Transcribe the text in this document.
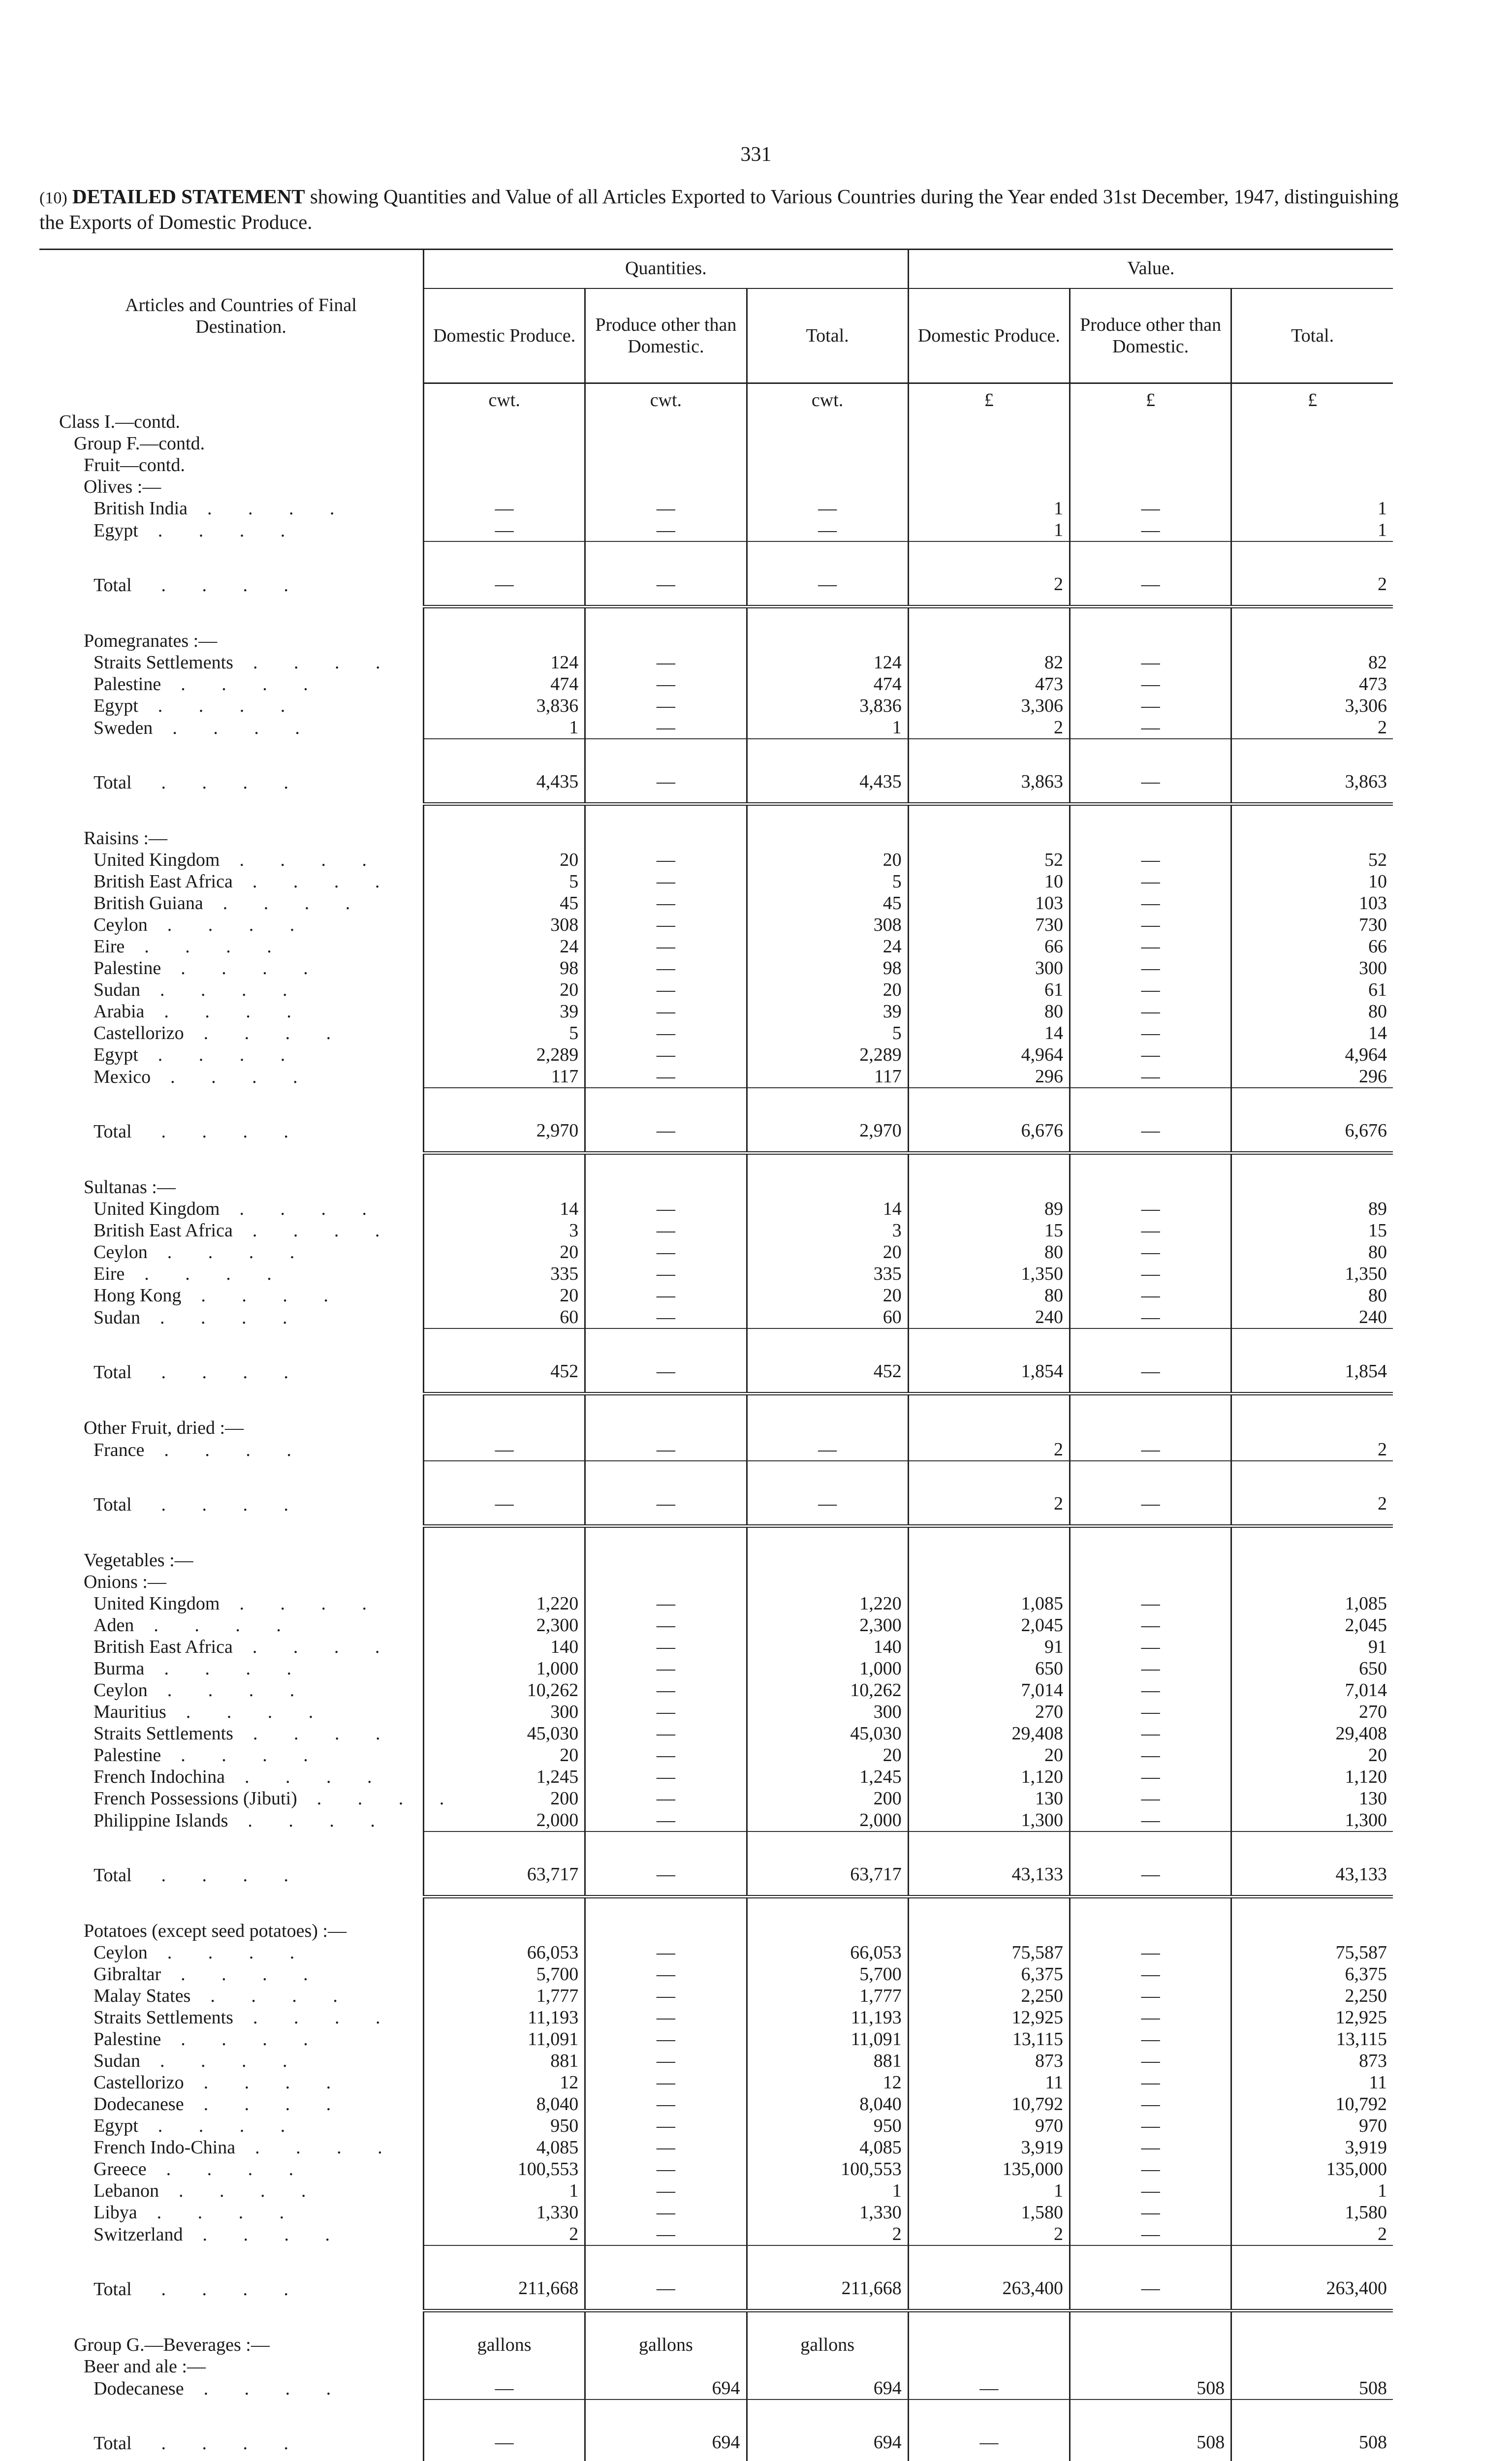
331
(10) DETAILED STATEMENT showing Quantities and Value of all Articles Exported to Various Countries during the Year ended 31st December, 1947, distinguishing the Exports of Domestic Produce.
Articles and Countries of Final Destination.	Quantities.			Value.		
	Domestic Produce.	Produce other than Domestic.	Total.	Domestic Produce.	Produce other than Domestic.	Total.
	cwt.	cwt.	cwt.	£	£	£
Class I.—contd.						
Group F.—contd.						
Fruit—contd.						
Olives :—						
British India . . . .	—	—	—	1	—	1
Egypt . . . .	—	—	—	1	—	1

Total . . . .	—	—	—	2	—	2

Pomegranates :—						
Straits Settlements . . . .	124	—	124	82	—	82
Palestine . . . .	474	—	474	473	—	473
Egypt . . . .	3,836	—	3,836	3,306	—	3,306
Sweden . . . .	1	—	1	2	—	2

Total . . . .	4,435	—	4,435	3,863	—	3,863

Raisins :—						
United Kingdom . . . .	20	—	20	52	—	52
British East Africa . . . .	5	—	5	10	—	10
British Guiana . . . .	45	—	45	103	—	103
Ceylon . . . .	308	—	308	730	—	730
Eire . . . .	24	—	24	66	—	66
Palestine . . . .	98	—	98	300	—	300
Sudan . . . .	20	—	20	61	—	61
Arabia . . . .	39	—	39	80	—	80
Castellorizo . . . .	5	—	5	14	—	14
Egypt . . . .	2,289	—	2,289	4,964	—	4,964
Mexico . . . .	117	—	117	296	—	296

Total . . . .	2,970	—	2,970	6,676	—	6,676

Sultanas :—						
United Kingdom . . . .	14	—	14	89	—	89
British East Africa . . . .	3	—	3	15	—	15
Ceylon . . . .	20	—	20	80	—	80
Eire . . . .	335	—	335	1,350	—	1,350
Hong Kong . . . .	20	—	20	80	—	80
Sudan . . . .	60	—	60	240	—	240

Total . . . .	452	—	452	1,854	—	1,854

Other Fruit, dried :—						
France . . . .	—	—	—	2	—	2

Total . . . .	—	—	—	2	—	2

Vegetables :—						
Onions :—						
United Kingdom . . . .	1,220	—	1,220	1,085	—	1,085
Aden . . . .	2,300	—	2,300	2,045	—	2,045
British East Africa . . . .	140	—	140	91	—	91
Burma . . . .	1,000	—	1,000	650	—	650
Ceylon . . . .	10,262	—	10,262	7,014	—	7,014
Mauritius . . . .	300	—	300	270	—	270
Straits Settlements . . . .	45,030	—	45,030	29,408	—	29,408
Palestine . . . .	20	—	20	20	—	20
French Indochina . . . .	1,245	—	1,245	1,120	—	1,120
French Possessions (Jibuti) . . . .	200	—	200	130	—	130
Philippine Islands . . . .	2,000	—	2,000	1,300	—	1,300

Total . . . .	63,717	—	63,717	43,133	—	43,133

Potatoes (except seed potatoes) :—						
Ceylon . . . .	66,053	—	66,053	75,587	—	75,587
Gibraltar . . . .	5,700	—	5,700	6,375	—	6,375
Malay States . . . .	1,777	—	1,777	2,250	—	2,250
Straits Settlements . . . .	11,193	—	11,193	12,925	—	12,925
Palestine . . . .	11,091	—	11,091	13,115	—	13,115
Sudan . . . .	881	—	881	873	—	873
Castellorizo . . . .	12	—	12	11	—	11
Dodecanese . . . .	8,040	—	8,040	10,792	—	10,792
Egypt . . . .	950	—	950	970	—	970
French Indo-China . . . .	4,085	—	4,085	3,919	—	3,919
Greece . . . .	100,553	—	100,553	135,000	—	135,000
Lebanon . . . .	1	—	1	1	—	1
Libya . . . .	1,330	—	1,330	1,580	—	1,580
Switzerland . . . .	2	—	2	2	—	2

Total . . . .	211,668	—	211,668	263,400	—	263,400

Group G.—Beverages :—	gallons	gallons	gallons			
Beer and ale :—						
Dodecanese . . . .	—	694	694	—	508	508

Total . . . .	—	694	694	—	508	508
